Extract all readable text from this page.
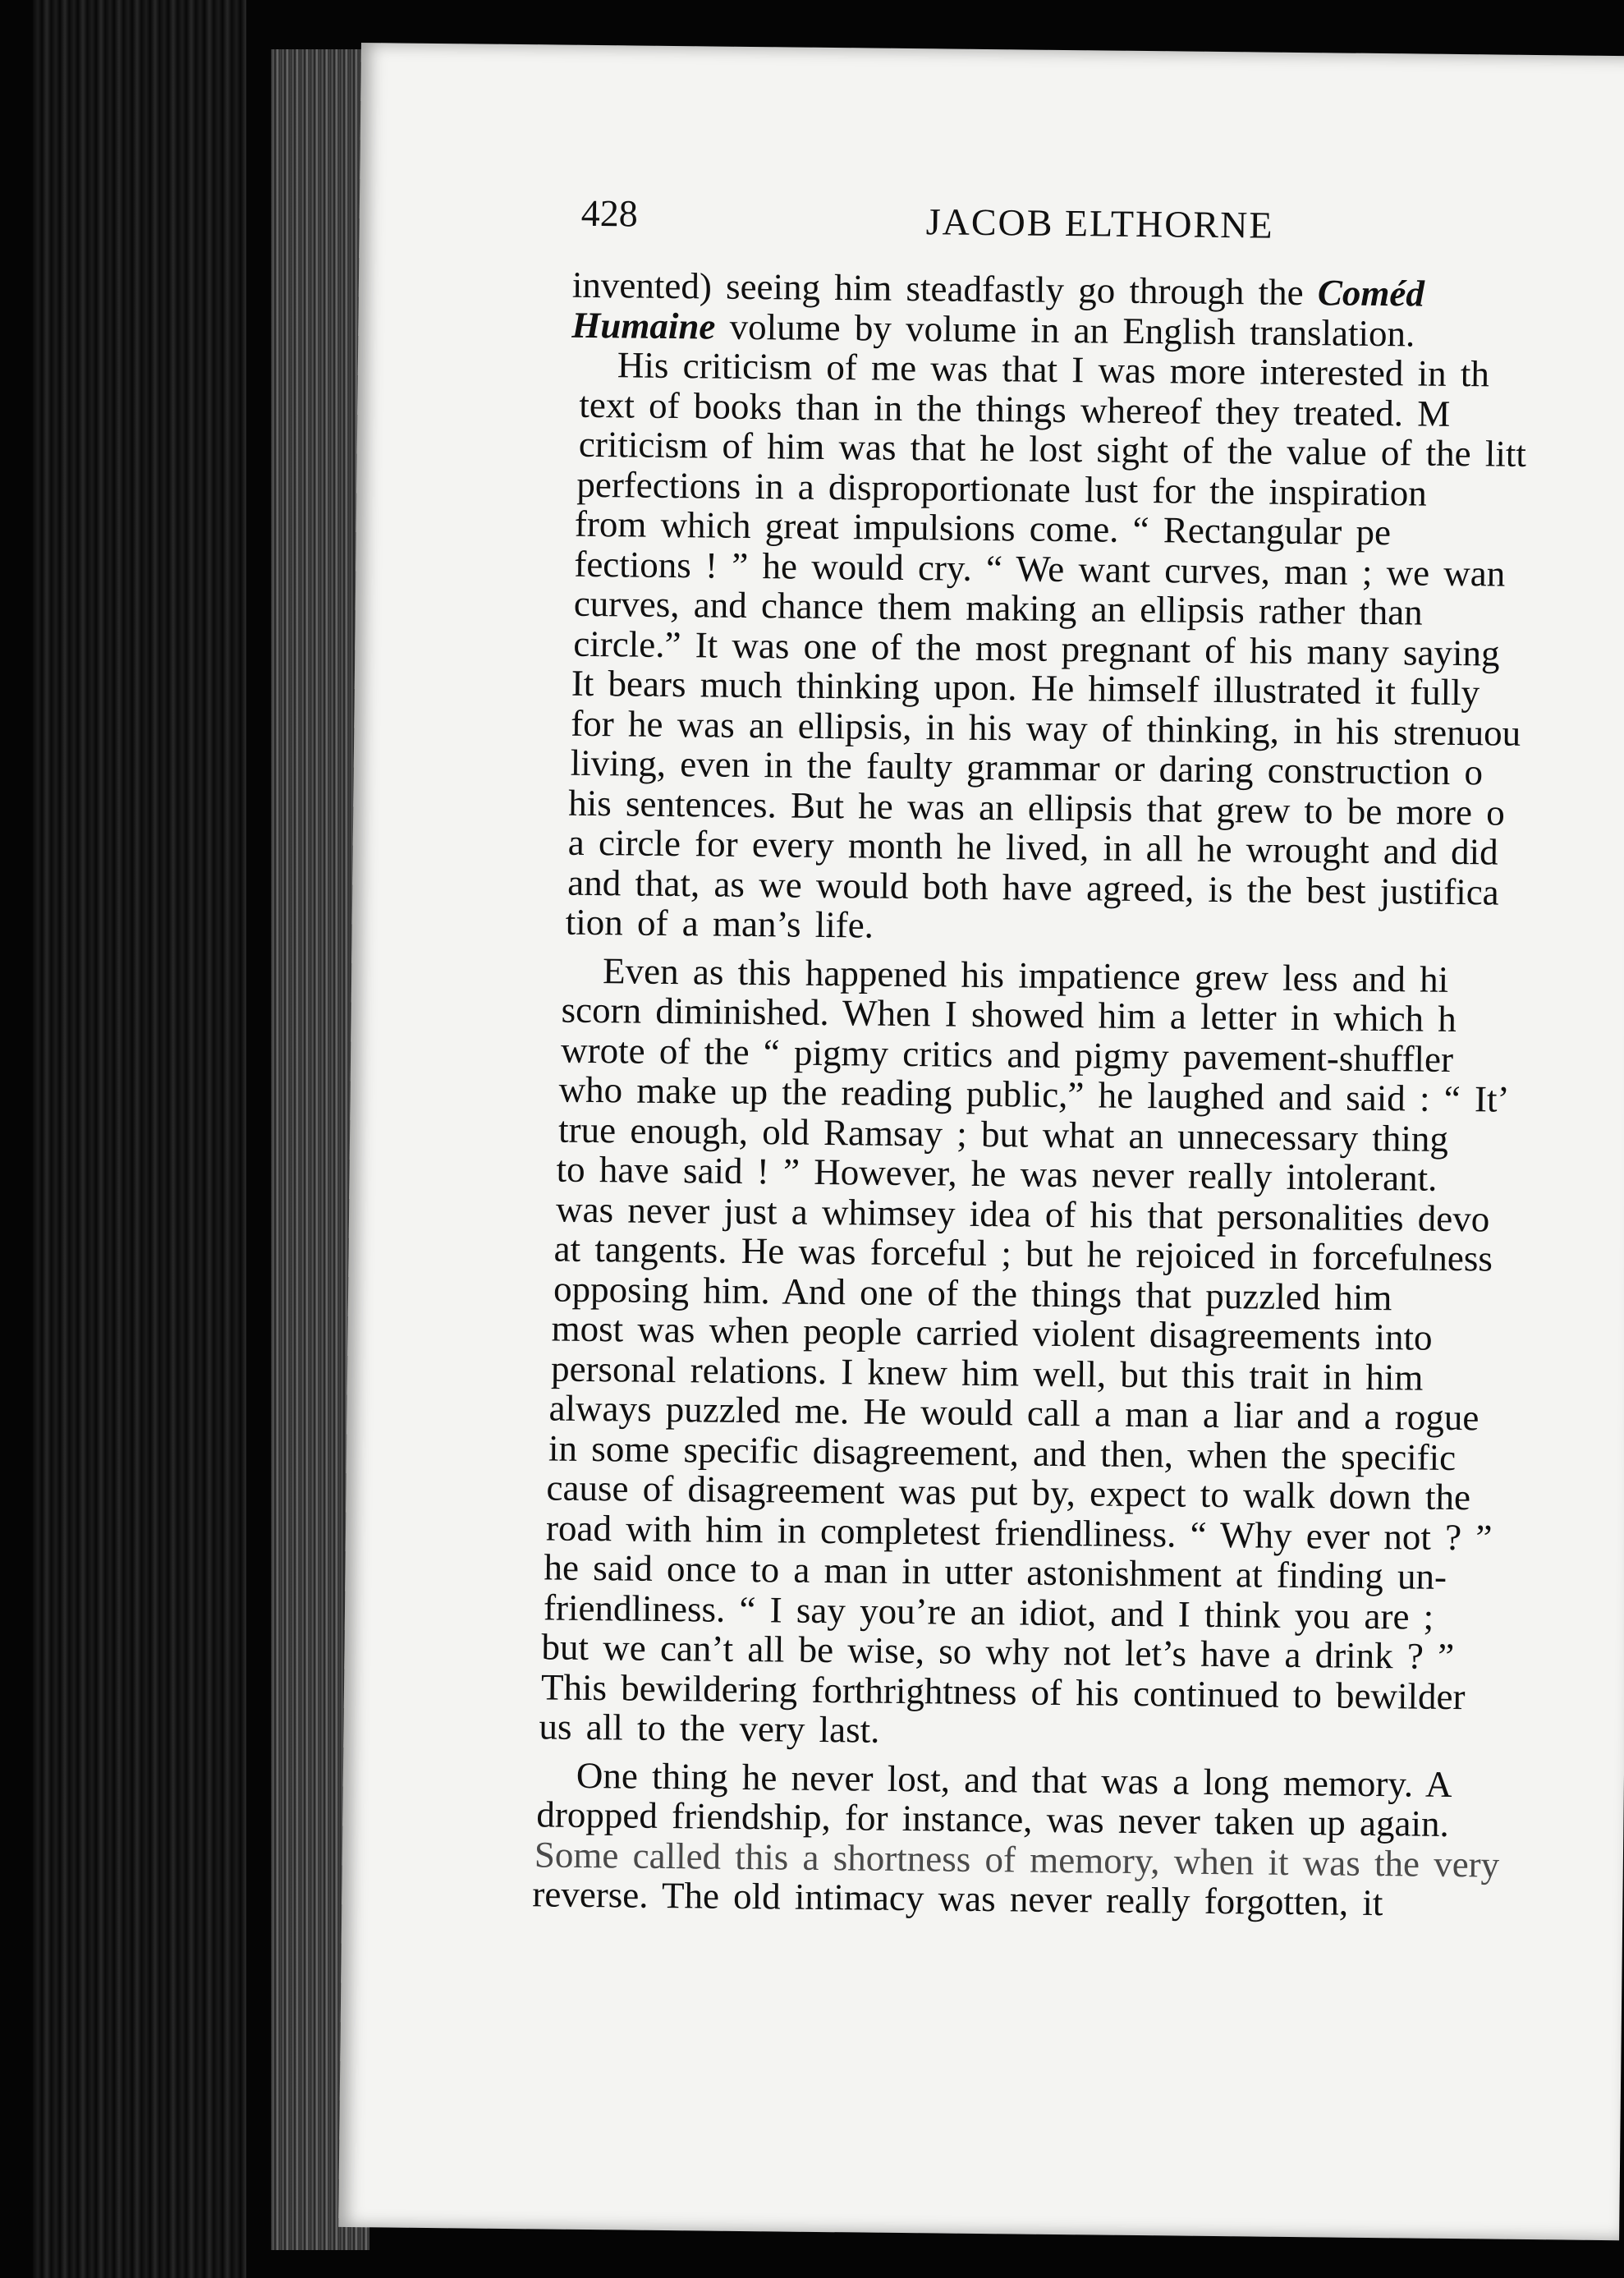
428	JACOB ELTHORNE
invented) seeing him steadfastly go through the Coméd
Humaine volume by volume in an English translation.
His criticism of me was that I was more interested in th
text of books than in the things whereof they treated. M
criticism of him was that he lost sight of the value of the litt
perfections in a disproportionate lust for the inspiration
from which great impulsions come. “ Rectangular pe
fections ! ” he would cry. “ We want curves, man ; we wan
curves, and chance them making an ellipsis rather than
circle.” It was one of the most pregnant of his many saying
It bears much thinking upon. He himself illustrated it fully
for he was an ellipsis, in his way of thinking, in his strenuou
living, even in the faulty grammar or daring construction o
his sentences. But he was an ellipsis that grew to be more o
a circle for every month he lived, in all he wrought and did
and that, as we would both have agreed, is the best justifica
tion of a man’s life.
Even as this happened his impatience grew less and hi
scorn diminished. When I showed him a letter in which h
wrote of the “ pigmy critics and pigmy pavement-shuffler
who make up the reading public,” he laughed and said : “ It’
true enough, old Ramsay ; but what an unnecessary thing
to have said ! ” However, he was never really intolerant.
was never just a whimsey idea of his that personalities devo
at tangents. He was forceful ; but he rejoiced in forcefulness
opposing him. And one of the things that puzzled him
most was when people carried violent disagreements into
personal relations. I knew him well, but this trait in him
always puzzled me. He would call a man a liar and a rogue
in some specific disagreement, and then, when the specific
cause of disagreement was put by, expect to walk down the
road with him in completest friendliness. “ Why ever not ? ”
he said once to a man in utter astonishment at finding un-
friendliness. “ I say you’re an idiot, and I think you are ;
but we can’t all be wise, so why not let’s have a drink ? ”
This bewildering forthrightness of his continued to bewilder
us all to the very last.
One thing he never lost, and that was a long memory. A
dropped friendship, for instance, was never taken up again.
Some called this a shortness of memory, when it was the very
reverse. The old intimacy was never really forgotten, it
